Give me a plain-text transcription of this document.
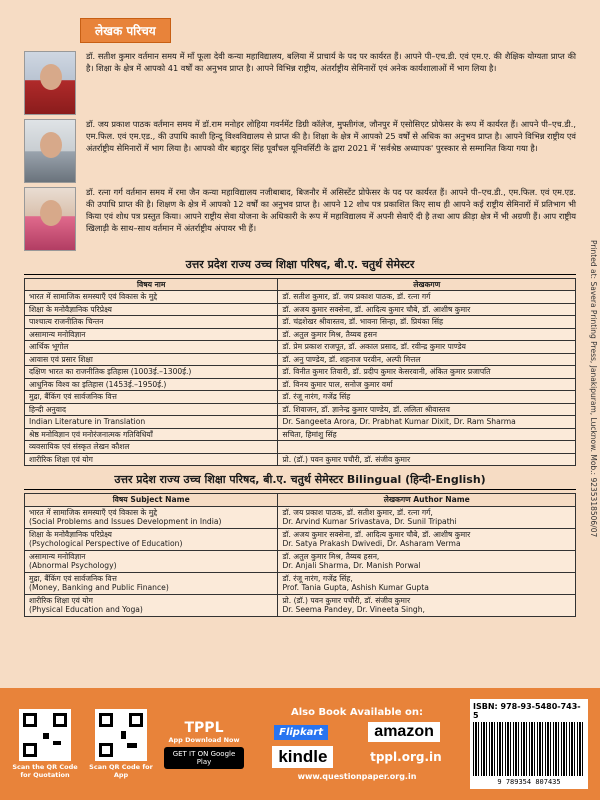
लेखक परिचय

डॉ. सतीश कुमार वर्तमान समय में माँ फूला देवी कन्या महाविद्यालय, बलिया में प्राचार्य के पद पर कार्यरत हैं। आपने पी–एच.डी. एवं एम.ए. की शैक्षिक योग्यता प्राप्त की है। शिक्षा के क्षेत्र में आपको 41 वर्षों का अनुभव प्राप्त है। आपने विभिन्न राष्ट्रीय, अंतर्राष्ट्रीय सेमिनारों एवं अनेक कार्यशालाओं में भाग लिया है।

डॉ. जय प्रकाश पाठक वर्तमान समय में डॉ.राम मनोहर लोहिया गवर्नमेंट डिग्री कॉलेज, मुफ्तीगंज, जौनपुर में एसोसिएट प्रोफेसर के रूप में कार्यरत हैं। आपने पी–एच.डी., एम.फिल. एवं एम.एड., की उपाधि काशी हिन्दू विश्वविद्यालय से प्राप्त की है। शिक्षा के क्षेत्र में आपको 25 वर्षों से अधिक का अनुभव प्राप्त है। आपने विभिन्न राष्ट्रीय एवं अंतर्राष्ट्रीय सेमिनारों में भाग लिया है। आपको वीर बहादुर सिंह पूर्वांचल यूनिवर्सिटी के द्वारा 2021 में 'सर्वश्रेष्ठ अध्यापक' पुरस्कार से सम्मानित किया गया है।

डॉ. रत्ना गर्ग वर्तमान समय में रमा जैन कन्या महाविद्यालय नजीबाबाद, बिजनौर में असिस्टेंट प्रोफेसर के पद पर कार्यरत हैं। आपने पी–एच.डी., एम.फिल. एवं एम.एड. की उपाधि प्राप्त की है। शिक्षण के क्षेत्र में आपको 12 वर्षों का अनुभव प्राप्त है। आपने 12 शोध पत्र प्रकाशित किए साथ ही आपने कई राष्ट्रीय सेमिनारों में प्रतिभाग भी किया एवं शोध पत्र प्रस्तुत किया। आपने राष्ट्रीय सेवा योजना के अधिकारी के रूप में महाविद्यालय में अपनी सेवाएँ दी है तथा आप क्रीड़ा क्षेत्र में भी अग्रणी हैं। आप राष्ट्रीय खिलाड़ी के साथ–साथ वर्तमान में अंतर्राष्ट्रीय अंपायर भी हैं।

उत्तर प्रदेश राज्य उच्च शिक्षा परिषद, बी.ए. चतुर्थ सेमेस्टर
विषय नाम	लेखकगण
भारत में सामाजिक समस्याएँ एवं विकास के मुद्दे	डॉ. सतीश कुमार, डॉ. जय प्रकाश पाठक, डॉ. रत्ना गर्ग
शिक्षा के मनोवैज्ञानिक परिप्रेक्ष्य	डॉ. अजय कुमार सक्सेना, डॉ. आदित्य कुमार चौबे, डॉ. आशीष कुमार
पाश्चात्य राजनीतिक चिन्तन	डॉ. चंद्रशेखर श्रीवास्तव, डॉ. भावना सिन्हा, डॉ. प्रियंका सिंह
असामान्य मनोविज्ञान	डॉ. अतुल कुमार मिश्र, तैय्यब हसन
आर्थिक भूगोल	डॉ. प्रेम प्रकाश राजपूत, डॉ. अकाल प्रसाद, डॉ. रवीन्द्र कुमार पाण्डेय
आवास एवं प्रसार शिक्षा	डॉ. अनु पाण्डेय, डॉ. शहनाज परवीन, अल्पी मित्तल
दक्षिण भारत का राजनीतिक इतिहास (1003ई.–1300ई.)	डॉ. विनीत कुमार तिवारी, डॉ. प्रदीप कुमार केसरवानी, अंकित कुमार प्रजापति
आधुनिक विश्व का इतिहास (1453ई.–1950ई.)	डॉ. विनय कुमार पाल, सनोज कुमार वर्मा
मुद्रा, बैंकिंग एवं सार्वजनिक वित्त	डॉ. रंजू नारंग, गजेंद्र सिंह
हिन्दी अनुवाद	डॉ. शिवाजन, डॉ. ज्ञानेन्द्र कुमार पाण्डेय, डॉ. ललिता श्रीवास्तव
Indian Literature in Translation	Dr. Sangeeta Arora, Dr. Prabhat Kumar Dixit, Dr. Ram Sharma
श्रेष्ठ मनोविज्ञान एवं मनोरंजनात्मक गतिविधियाँ	सचिता, हिमांशु सिंह
व्यवसायिक एवं संस्कृत लेखन कौशल	
शारीरिक शिक्षा एवं योग	प्रो. (डॉ.) पवन कुमार पचौरी, डॉ. संजीव कुमार
उत्तर प्रदेश राज्य उच्च शिक्षा परिषद, बी.ए. चतुर्थ सेमेस्टर Bilingual (हिन्दी-English)
विषय Subject Name	लेखकगण Author Name

भारत में सामाजिक समस्याएँ एवं विकास के मुद्दे
(Social Problems and Issues Development in India)	डॉ. जय प्रकाश पाठक, डॉ. सतीश कुमार, डॉ. रत्ना गर्ग,
Dr. Arvind Kumar Srivastava, Dr. Sunil Tripathi

शिक्षा के मनोवैज्ञानिक परिप्रेक्ष्य
(Psychological Perspective of Education)	डॉ. अजय कुमार सक्सेना, डॉ. आदित्य कुमार चौबे, डॉ. आशीष कुमार
Dr. Satya Prakash Dwivedi, Dr. Asharam Verma

असामान्य मनोविज्ञान
(Abnormal Psychology)	डॉ. अतुल कुमार मिश्र, तैय्यब हसन,
Dr. Anjali Sharma, Dr. Manish Porwal

मुद्रा, बैंकिंग एवं सार्वजनिक वित्त
(Money, Banking and Public Finance)	डॉ. रंजू नारंग, गजेंद्र सिंह,
Prof. Tania Gupta, Ashish Kumar Gupta

शारीरिक शिक्षा एवं योग
(Physical Education and Yoga)	प्रो. (डॉ.) पवन कुमार पचौरी, डॉ. संजीव कुमार
Dr. Seema Pandey, Dr. Vineeta Singh,
Printed at: Savera Printing Press, Janakipuram, Lucknow. Mob.: 9235318506/07
Scan the QR Code for Quotation
Scan QR Code for App
TPPL
App Download Now
GET IT ON Google Play
Also Book Available on:
Flipkart	amazon
kindle	tppl.org.in
www.questionpaper.org.in
ISBN: 978-93-5480-743-5
9 789354 807435
